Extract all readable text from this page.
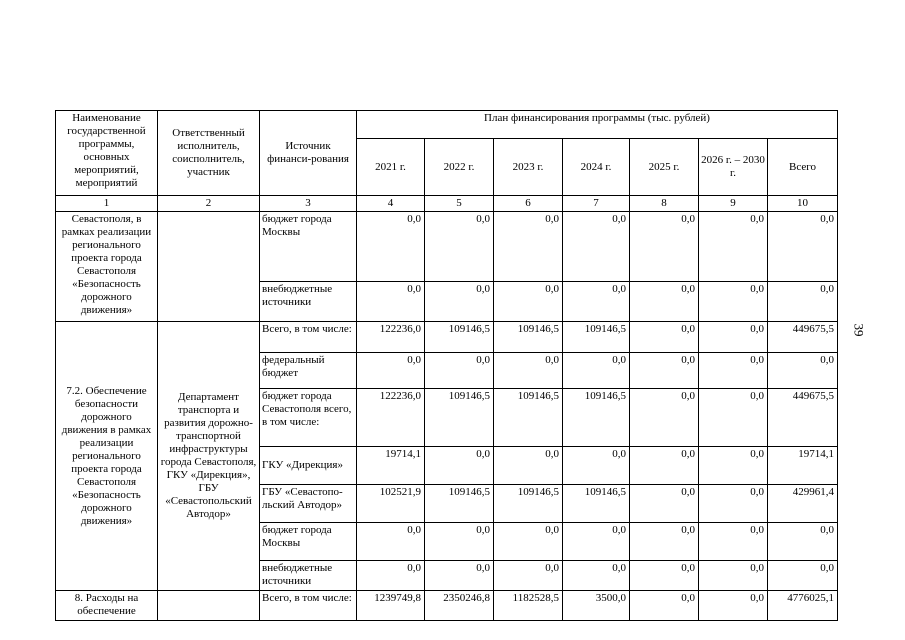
39
Наименование государственной программы, основных мероприятий, мероприятий	Ответственный исполнитель, соисполнитель, участник	Источник финанси-рования	План финансирования программы (тыс. рублей)						
			2021 г.	2022 г.	2023 г.	2024 г.	2025 г.	2026 г. – 2030 г.	Всего
1	2	3	4	5	6	7	8	9	10
Севастополя, в рамках реализации регионального проекта города Севастополя «Безопасность дорожного движения»		бюджет города Москвы	0,0	0,0	0,0	0,0	0,0	0,0	0,0
		внебюджетные источники	0,0	0,0	0,0	0,0	0,0	0,0	0,0
7.2. Обеспечение безопасности дорожного движения в рамках реализации регионального проекта города Севастополя «Безопасность дорожного движения»	Департамент транспорта и развития дорожно-транспортной инфраструктуры города Севастополя, ГКУ «Дирекция», ГБУ «Севастопольский Автодор»	Всего, в том числе:	122236,0	109146,5	109146,5	109146,5	0,0	0,0	449675,5
		федеральный бюджет	0,0	0,0	0,0	0,0	0,0	0,0	0,0
		бюджет города Севастополя всего, в том числе:	122236,0	109146,5	109146,5	109146,5	0,0	0,0	449675,5
		ГКУ «Дирекция»	19714,1	0,0	0,0	0,0	0,0	0,0	19714,1
		ГБУ «Севастопо-льский Автодор»	102521,9	109146,5	109146,5	109146,5	0,0	0,0	429961,4
		бюджет города Москвы	0,0	0,0	0,0	0,0	0,0	0,0	0,0
		внебюджетные источники	0,0	0,0	0,0	0,0	0,0	0,0	0,0
8. Расходы на обеспечение		Всего, в том числе:	1239749,8	2350246,8	1182528,5	3500,0	0,0	0,0	4776025,1
